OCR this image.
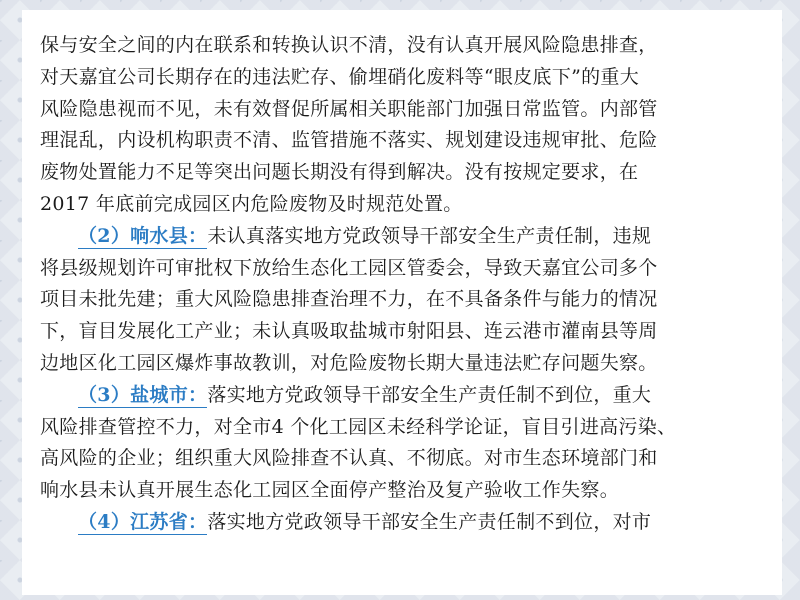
保与安全之间的内在联系和转换认识不清，没有认真开展风险隐患排查，
对天嘉宜公司长期存在的违法贮存、偷埋硝化废料等“眼皮底下”的重大
风险隐患视而不见，未有效督促所属相关职能部门加强日常监管。内部管
理混乱，内设机构职责不清、监管措施不落实、规划建设违规审批、危险
废物处置能力不足等突出问题长期没有得到解决。没有按规定要求，在
2017 年底前完成园区内危险废物及时规范处置。
（2）响水县：未认真落实地方党政领导干部安全生产责任制，违规
将县级规划许可审批权下放给生态化工园区管委会，导致天嘉宜公司多个
项目未批先建；重大风险隐患排查治理不力，在不具备条件与能力的情况
下，盲目发展化工产业；未认真吸取盐城市射阳县、连云港市灌南县等周
边地区化工园区爆炸事故教训，对危险废物长期大量违法贮存问题失察。
（3）盐城市：落实地方党政领导干部安全生产责任制不到位，重大
风险排查管控不力，对全市4 个化工园区未经科学论证，盲目引进高污染、
高风险的企业；组织重大风险排查不认真、不彻底。对市生态环境部门和
响水县未认真开展生态化工园区全面停产整治及复产验收工作失察。
（4）江苏省：落实地方党政领导干部安全生产责任制不到位，对市
